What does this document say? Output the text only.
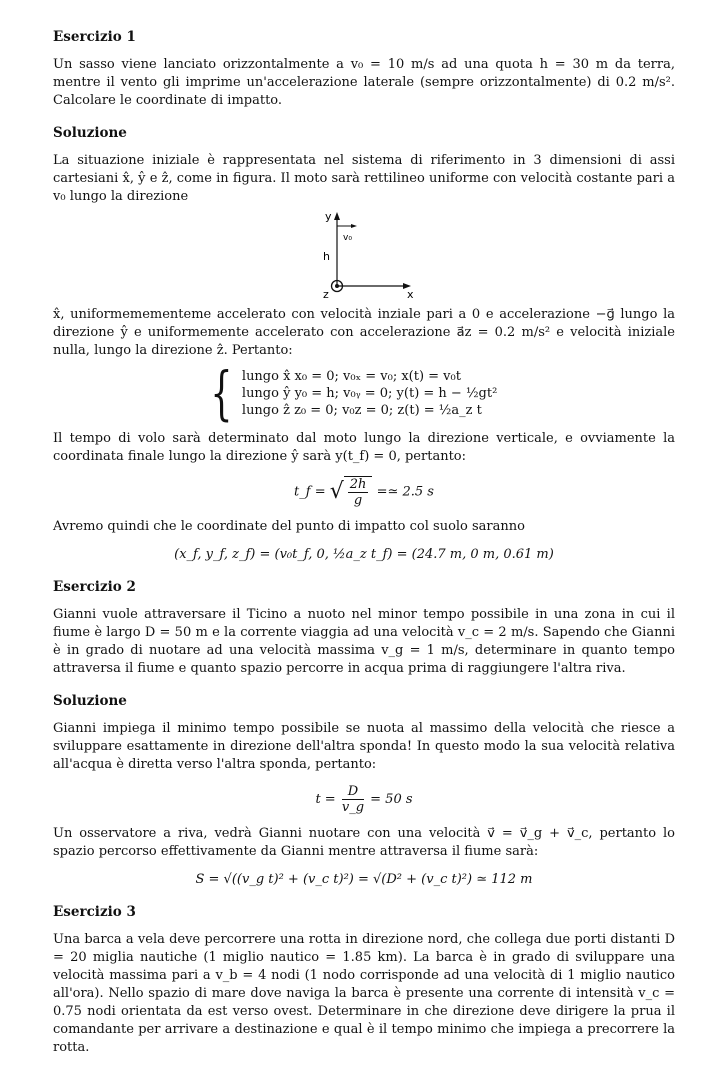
Esercizio 1

Un sasso viene lanciato orizzontalmente a v₀ = 10 m/s ad una quota h = 30 m da terra, mentre il vento gli imprime un'accelerazione laterale (sempre orizzontalmente) di 0.2 m/s². Calcolare le coordinate di impatto.

Soluzione

La situazione iniziale è rappresentata nel sistema di riferimento in 3 dimensioni di assi cartesiani x̂, ŷ e ẑ, come in figura. Il moto sarà rettilineo uniforme con velocità costante pari a v₀ lungo la direzione

y
v₀
h
z	x

x̂, uniformemementeme accelerato con velocità inziale pari a 0 e accelerazione −g⃗ lungo la direzione ŷ e uniformemente accelerato con accelerazione a⃗z = 0.2 m/s² e velocità iniziale nulla, lungo la direzione ẑ. Pertanto:

{ lungo x̂ x₀ = 0; v₀ₓ = v₀; x(t) = v₀t
lungo ŷ y₀ = h; v₀ᵧ = 0; y(t) = h − ½gt²
lungo ẑ z₀ = 0; v₀z = 0; z(t) = ½a_z t

Il tempo di volo sarà determinato dal moto lungo la direzione verticale, e ovviamente la coordinata finale lungo la direzione ŷ sarà y(t_f) = 0, pertanto:

t_f = √ $\frac{2h}{g}$ =≃ 2.5 s

Avremo quindi che le coordinate del punto di impatto col suolo saranno

(x_f, y_f, z_f) = (v₀t_f, 0, ½a_z t_f) = (24.7 m, 0 m, 0.61 m)
Esercizio 2

Gianni vuole attraversare il Ticino a nuoto nel minor tempo possibile in una zona in cui il fiume è largo D = 50 m e la corrente viaggia ad una velocità v_c = 2 m/s. Sapendo che Gianni è in grado di nuotare ad una velocità massima v_g = 1 m/s, determinare in quanto tempo attraversa il fiume e quanto spazio percorre in acqua prima di raggiungere l'altra riva.

Soluzione

Gianni impiega il minimo tempo possibile se nuota al massimo della velocità che riesce a sviluppare esattamente in direzione dell'altra sponda! In questo modo la sua velocità relativa all'acqua è diretta verso l'altra sponda, pertanto:

$t = \frac{D}{v\_g} = 50$ s

Un osservatore a riva, vedrà Gianni nuotare con una velocità v⃗ = v⃗_g + v⃗_c, pertanto lo spazio percorso effettivamente da Gianni mentre attraversa il fiume sarà:

S = √((v_g t)² + (v_c t)²) = √(D² + (v_c t)²) ≃ 112 m
Esercizio 3

Una barca a vela deve percorrere una rotta in direzione nord, che collega due porti distanti D = 20 miglia nautiche (1 miglio nautico = 1.85 km). La barca è in grado di sviluppare una velocità massima pari a v_b = 4 nodi (1 nodo corrisponde ad una velocità di 1 miglio nautico all'ora). Nello spazio di mare dove naviga la barca è presente una corrente di intensità v_c = 0.75 nodi orientata da est verso ovest. Determinare in che direzione deve dirigere la prua il comandante per arrivare a destinazione e qual è il tempo minimo che impiega a precorrere la rotta.
